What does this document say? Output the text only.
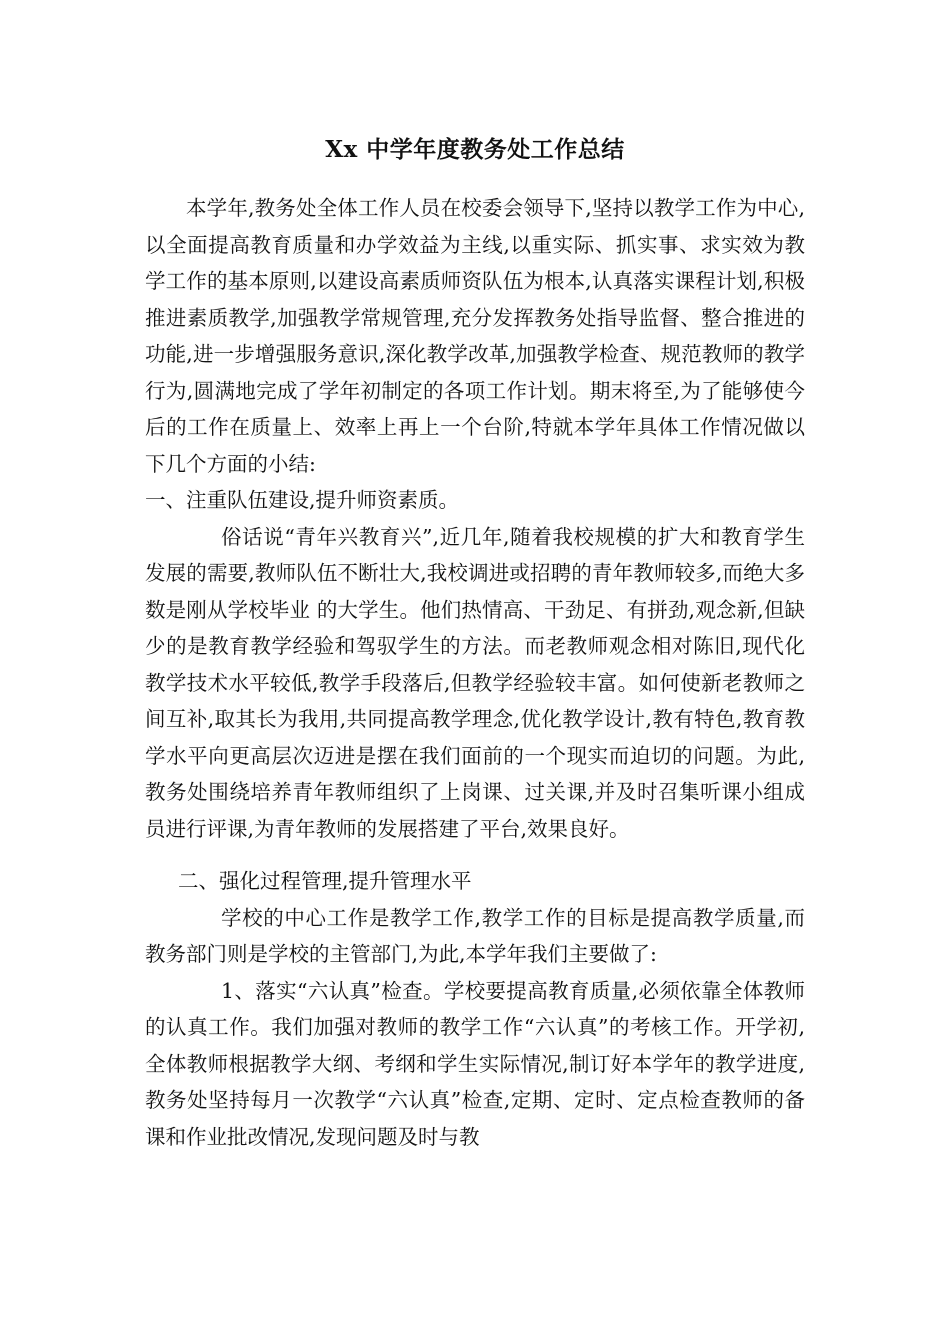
Xx 中学年度教务处工作总结

本学年,教务处全体工作人员在校委会领导下,坚持以教学工作为中心,以全面提高教育质量和办学效益为主线,以重实际、抓实事、求实效为教学工作的基本原则,以建设高素质师资队伍为根本,认真落实课程计划,积极推进素质教学,加强教学常规管理,充分发挥教务处指导监督、整合推进的功能,进一步增强服务意识,深化教学改革,加强教学检查、规范教师的教学行为,圆满地完成了学年初制定的各项工作计划。期末将至,为了能够使今后的工作在质量上、效率上再上一个台阶,特就本学年具体工作情况做以下几个方面的小结:

一、注重队伍建设,提升师资素质。

俗话说“青年兴教育兴”,近几年,随着我校规模的扩大和教育学生发展的需要,教师队伍不断壮大,我校调进或招聘的青年教师较多,而绝大多数是刚从学校毕业 的大学生。他们热情高、干劲足、有拼劲,观念新,但缺少的是教育教学经验和驾驭学生的方法。而老教师观念相对陈旧,现代化教学技术水平较低,教学手段落后,但教学经验较丰富。如何使新老教师之间互补,取其长为我用,共同提高教学理念,优化教学设计,教有特色,教育教学水平向更高层次迈进是摆在我们面前的一个现实而迫切的问题。为此,教务处围绕培养青年教师组织了上岗课、过关课,并及时召集听课小组成员进行评课,为青年教师的发展搭建了平台,效果良好。

二、强化过程管理,提升管理水平

学校的中心工作是教学工作,教学工作的目标是提高教学质量,而教务部门则是学校的主管部门,为此,本学年我们主要做了:

1、落实“六认真”检查。学校要提高教育质量,必须依靠全体教师的认真工作。我们加强对教师的教学工作“六认真”的考核工作。开学初,全体教师根据教学大纲、考纲和学生实际情况,制订好本学年的教学进度,教务处坚持每月一次教学“六认真”检查,定期、定时、定点检查教师的备课和作业批改情况,发现问题及时与教
